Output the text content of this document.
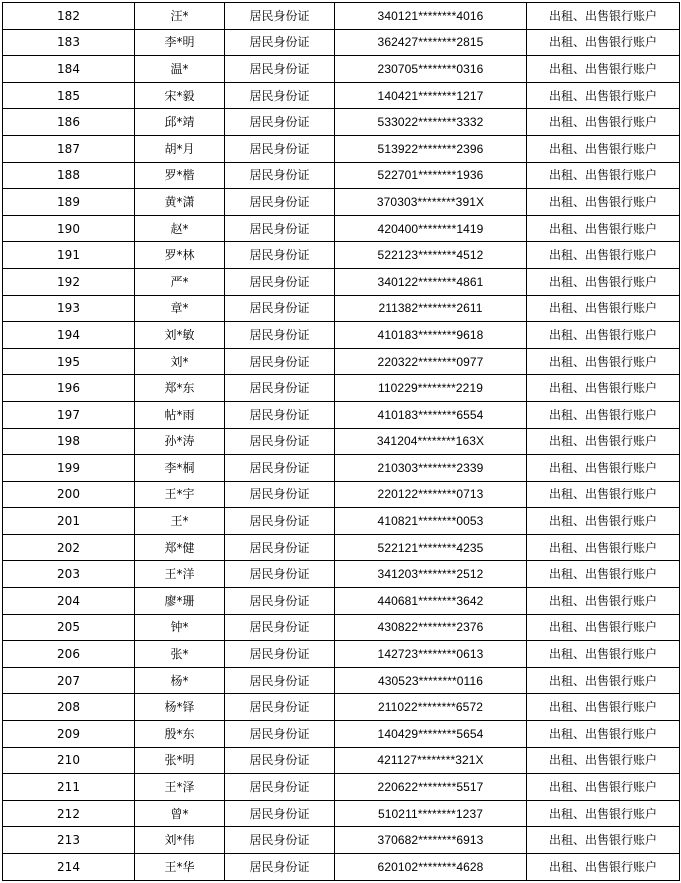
182	汪*	居民身份证	340121********4016	出租、出售银行账户
183	李*明	居民身份证	362427********2815	出租、出售银行账户
184	温*	居民身份证	230705********0316	出租、出售银行账户
185	宋*毅	居民身份证	140421********1217	出租、出售银行账户
186	邱*靖	居民身份证	533022********3332	出租、出售银行账户
187	胡*月	居民身份证	513922********2396	出租、出售银行账户
188	罗*楷	居民身份证	522701********1936	出租、出售银行账户
189	黄*潇	居民身份证	370303********391X	出租、出售银行账户
190	赵*	居民身份证	420400********1419	出租、出售银行账户
191	罗*林	居民身份证	522123********4512	出租、出售银行账户
192	严*	居民身份证	340122********4861	出租、出售银行账户
193	章*	居民身份证	211382********2611	出租、出售银行账户
194	刘*敏	居民身份证	410183********9618	出租、出售银行账户
195	刘*	居民身份证	220322********0977	出租、出售银行账户
196	郑*东	居民身份证	110229********2219	出租、出售银行账户
197	帖*雨	居民身份证	410183********6554	出租、出售银行账户
198	孙*涛	居民身份证	341204********163X	出租、出售银行账户
199	李*桐	居民身份证	210303********2339	出租、出售银行账户
200	王*宇	居民身份证	220122********0713	出租、出售银行账户
201	王*	居民身份证	410821********0053	出租、出售银行账户
202	郑*健	居民身份证	522121********4235	出租、出售银行账户
203	王*洋	居民身份证	341203********2512	出租、出售银行账户
204	廖*珊	居民身份证	440681********3642	出租、出售银行账户
205	钟*	居民身份证	430822********2376	出租、出售银行账户
206	张*	居民身份证	142723********0613	出租、出售银行账户
207	杨*	居民身份证	430523********0116	出租、出售银行账户
208	杨*铎	居民身份证	211022********6572	出租、出售银行账户
209	殷*东	居民身份证	140429********5654	出租、出售银行账户
210	张*明	居民身份证	421127********321X	出租、出售银行账户
211	王*泽	居民身份证	220622********5517	出租、出售银行账户
212	曾*	居民身份证	510211********1237	出租、出售银行账户
213	刘*伟	居民身份证	370682********6913	出租、出售银行账户
214	王*华	居民身份证	620102********4628	出租、出售银行账户
